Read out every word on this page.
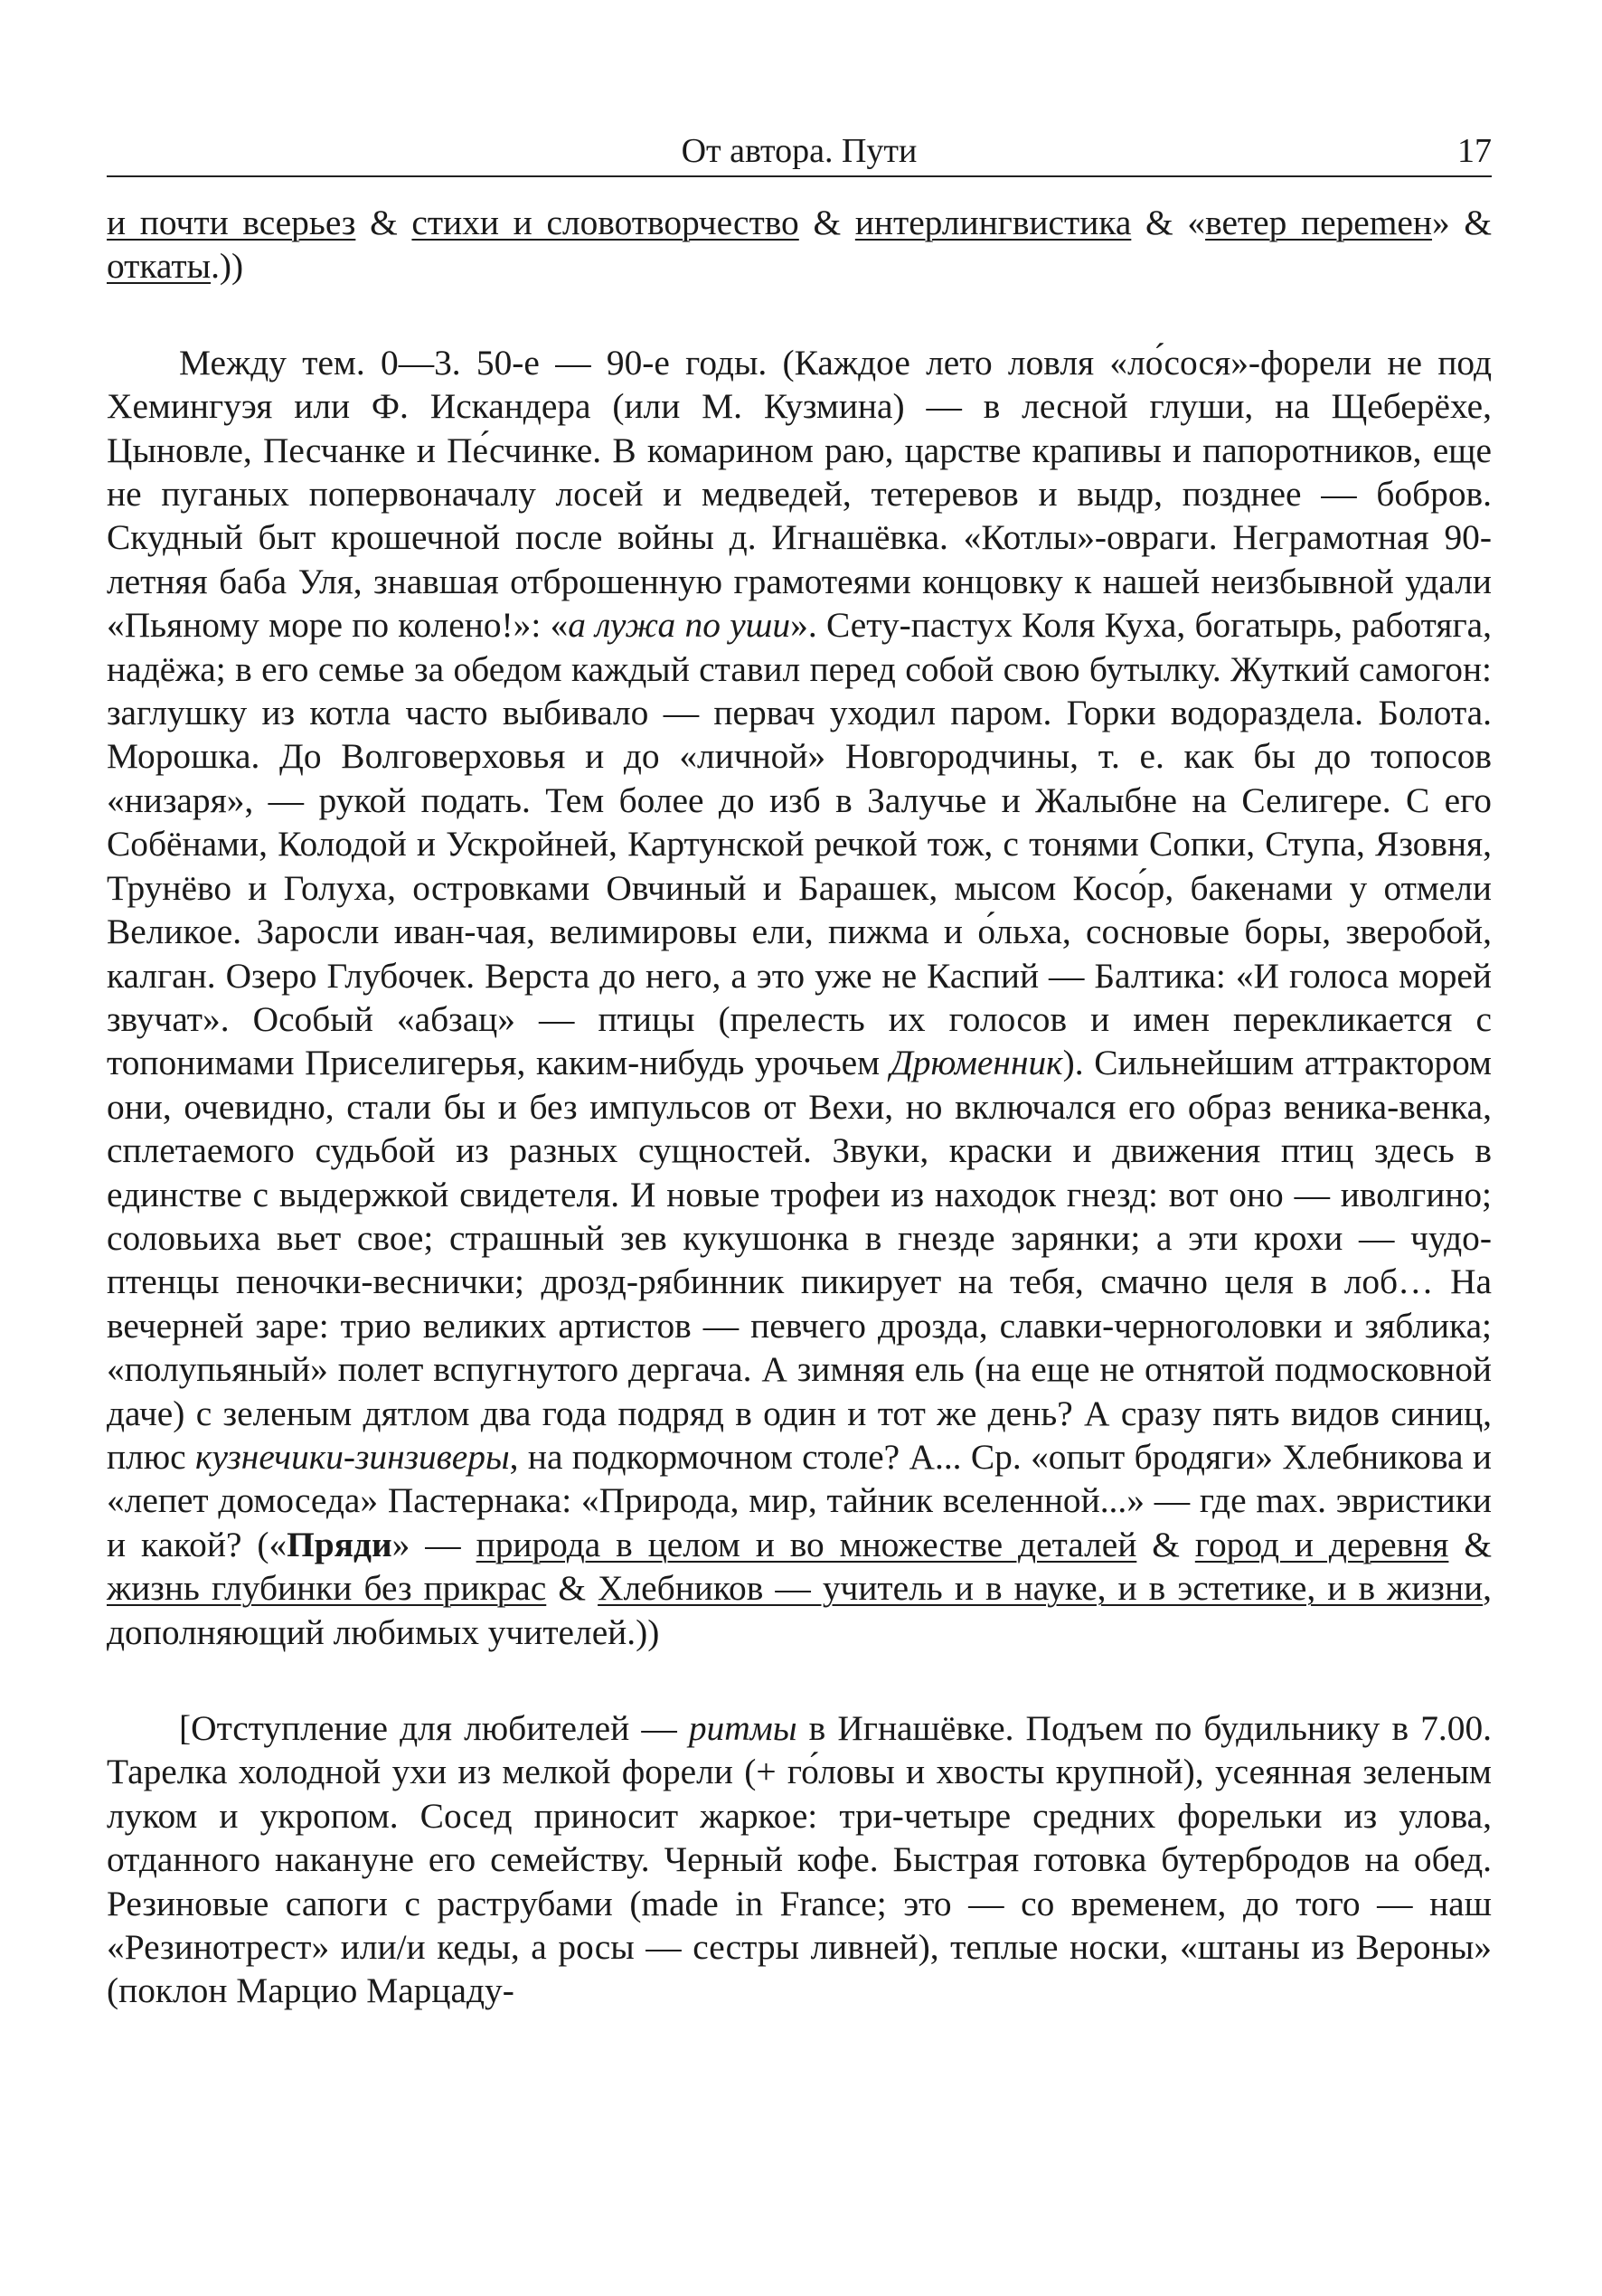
От автора. Пути	17

и почти всерьез & стихи и словотворчество & интерлингвистика & «ветер переmен» & откаты.))

Между тем. 0—3. 50-е — 90-е годы. (Каждое лето ловля «ло́сося»-форели не под Хемингуэя или Ф. Искандера (или М. Кузмина) — в лесной глуши, на Щеберёхе, Цыновле, Песчанке и Пе́счинке. В комарином раю, царстве крапивы и папоротников, еще не пуганых попервоначалу лосей и медведей, тетеревов и выдр, позднее — бобров. Скудный быт крошечной после войны д. Игнашёвка. «Котлы»-овраги. Неграмотная 90-летняя баба Уля, знавшая отброшенную грамотеями концовку к нашей неизбывной удали «Пьяному море по колено!»: «а лужа по уши». Сету-пастух Коля Куха, богатырь, работяга, надёжа; в его семье за обедом каждый ставил перед собой свою бутылку. Жуткий самогон: заглушку из котла часто выбивало — первач уходил паром. Горки водораздела. Болота. Морошка. До Волговерховья и до «личной» Новгородчины, т. е. как бы до топосов «низаря», — рукой подать. Тем более до изб в Залучье и Жалыбне на Селигере. С его Собёнами, Колодой и Ускройней, Картунской речкой тож, с тонями Сопки, Ступа, Язовня, Трунёво и Голуха, островками Овчиный и Барашек, мысом Косо́р, бакенами у отмели Великое. Заросли иван-чая, велимировы ели, пижма и о́льха, сосновые боры, зверобой, калган. Озеро Глубочек. Верста до него, а это уже не Каспий — Балтика: «И голоса морей звучат». Особый «абзац» — птицы (прелесть их голосов и имен перекликается с топонимами Приселигерья, каким-нибудь урочьем Дрюменник). Сильнейшим аттрактором они, очевидно, стали бы и без импульсов от Вехи, но включался его образ веника-венка, сплетаемого судьбой из разных сущностей. Звуки, краски и движения птиц здесь в единстве с выдержкой свидетеля. И новые трофеи из находок гнезд: вот оно — иволгино; соловьиха вьет свое; страшный зев кукушонка в гнезде зарянки; а эти крохи — чудо-птенцы пеночки-веснички; дрозд-рябинник пикирует на тебя, смачно целя в лоб… На вечерней заре: трио великих артистов — певчего дрозда, славки-черноголовки и зяблика; «полупьяный» полет вспугнутого дергача. А зимняя ель (на еще не отнятой подмосковной даче) с зеленым дятлом два года подряд в один и тот же день? А сразу пять видов синиц, плюс кузнечики-зинзиверы, на подкормочном столе? А... Ср. «опыт бродяги» Хлебникова и «лепет домоседа» Пастернака: «Природа, мир, тайник вселенной...» — где max. эвристики и какой? («Пряди» — природа в целом и во множестве деталей & город и деревня & жизнь глубинки без прикрас & Хлебников — учитель и в науке, и в эстетике, и в жизни, дополняющий любимых учителей.))

[Отступление для любителей — ритмы в Игнашёвке. Подъем по будильнику в 7.00. Тарелка холодной ухи из мелкой форели (+ го́ловы и хвосты крупной), усеянная зеленым луком и укропом. Сосед приносит жаркое: три-четыре средних форельки из улова, отданного накануне его семейству. Черный кофе. Быстрая готовка бутербродов на обед. Резиновые сапоги с раструбами (made in France; это — со временем, до того — наш «Резинотрест» или/и кеды, а росы — сестры ливней), теплые носки, «штаны из Вероны» (поклон Марцио Марцаду-
